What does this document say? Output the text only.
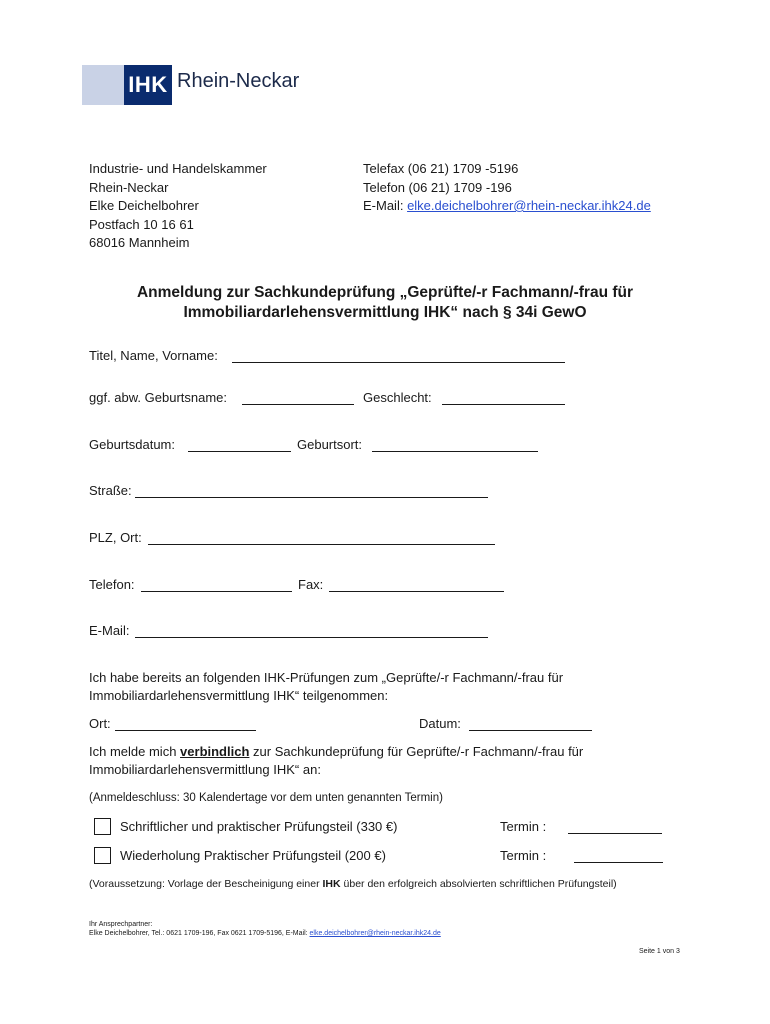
IHK Rhein-Neckar
Industrie- und Handelskammer
Rhein-Neckar
Elke Deichelbohrer
Postfach 10 16 61
68016 Mannheim
Telefax (06 21) 1709 -5196
Telefon (06 21) 1709 -196
E-Mail: elke.deichelbohrer@rhein-neckar.ihk24.de
Anmeldung zur Sachkundeprüfung „Geprüfte/-r Fachmann/-frau für
Immobiliardarlehensvermittlung IHK“ nach § 34i GewO
Titel, Name, Vorname:
ggf. abw. Geburtsname:	Geschlecht:
Geburtsdatum:	Geburtsort:
Straße:
PLZ, Ort:
Telefon:	Fax:
E-Mail:
Ich habe bereits an folgenden IHK-Prüfungen zum „Geprüfte/-r Fachmann/-frau für
Immobiliardarlehensvermittlung IHK“ teilgenommen:
Ort:	Datum:
Ich melde mich verbindlich zur Sachkundeprüfung für Geprüfte/-r Fachmann/-frau für
Immobiliardarlehensvermittlung IHK“ an:
(Anmeldeschluss: 30 Kalendertage vor dem unten genannten Termin)
Schriftlicher und praktischer Prüfungsteil (330 €)	Termin :
Wiederholung Praktischer Prüfungsteil (200 €)	Termin :
(Voraussetzung: Vorlage der Bescheinigung einer IHK über den erfolgreich absolvierten schriftlichen Prüfungsteil)
Ihr Ansprechpartner:
Elke Deichelbohrer, Tel.: 0621 1709-196, Fax 0621 1709-5196, E-Mail: elke.deichelbohrer@rhein-neckar.ihk24.de
Seite 1 von 3
